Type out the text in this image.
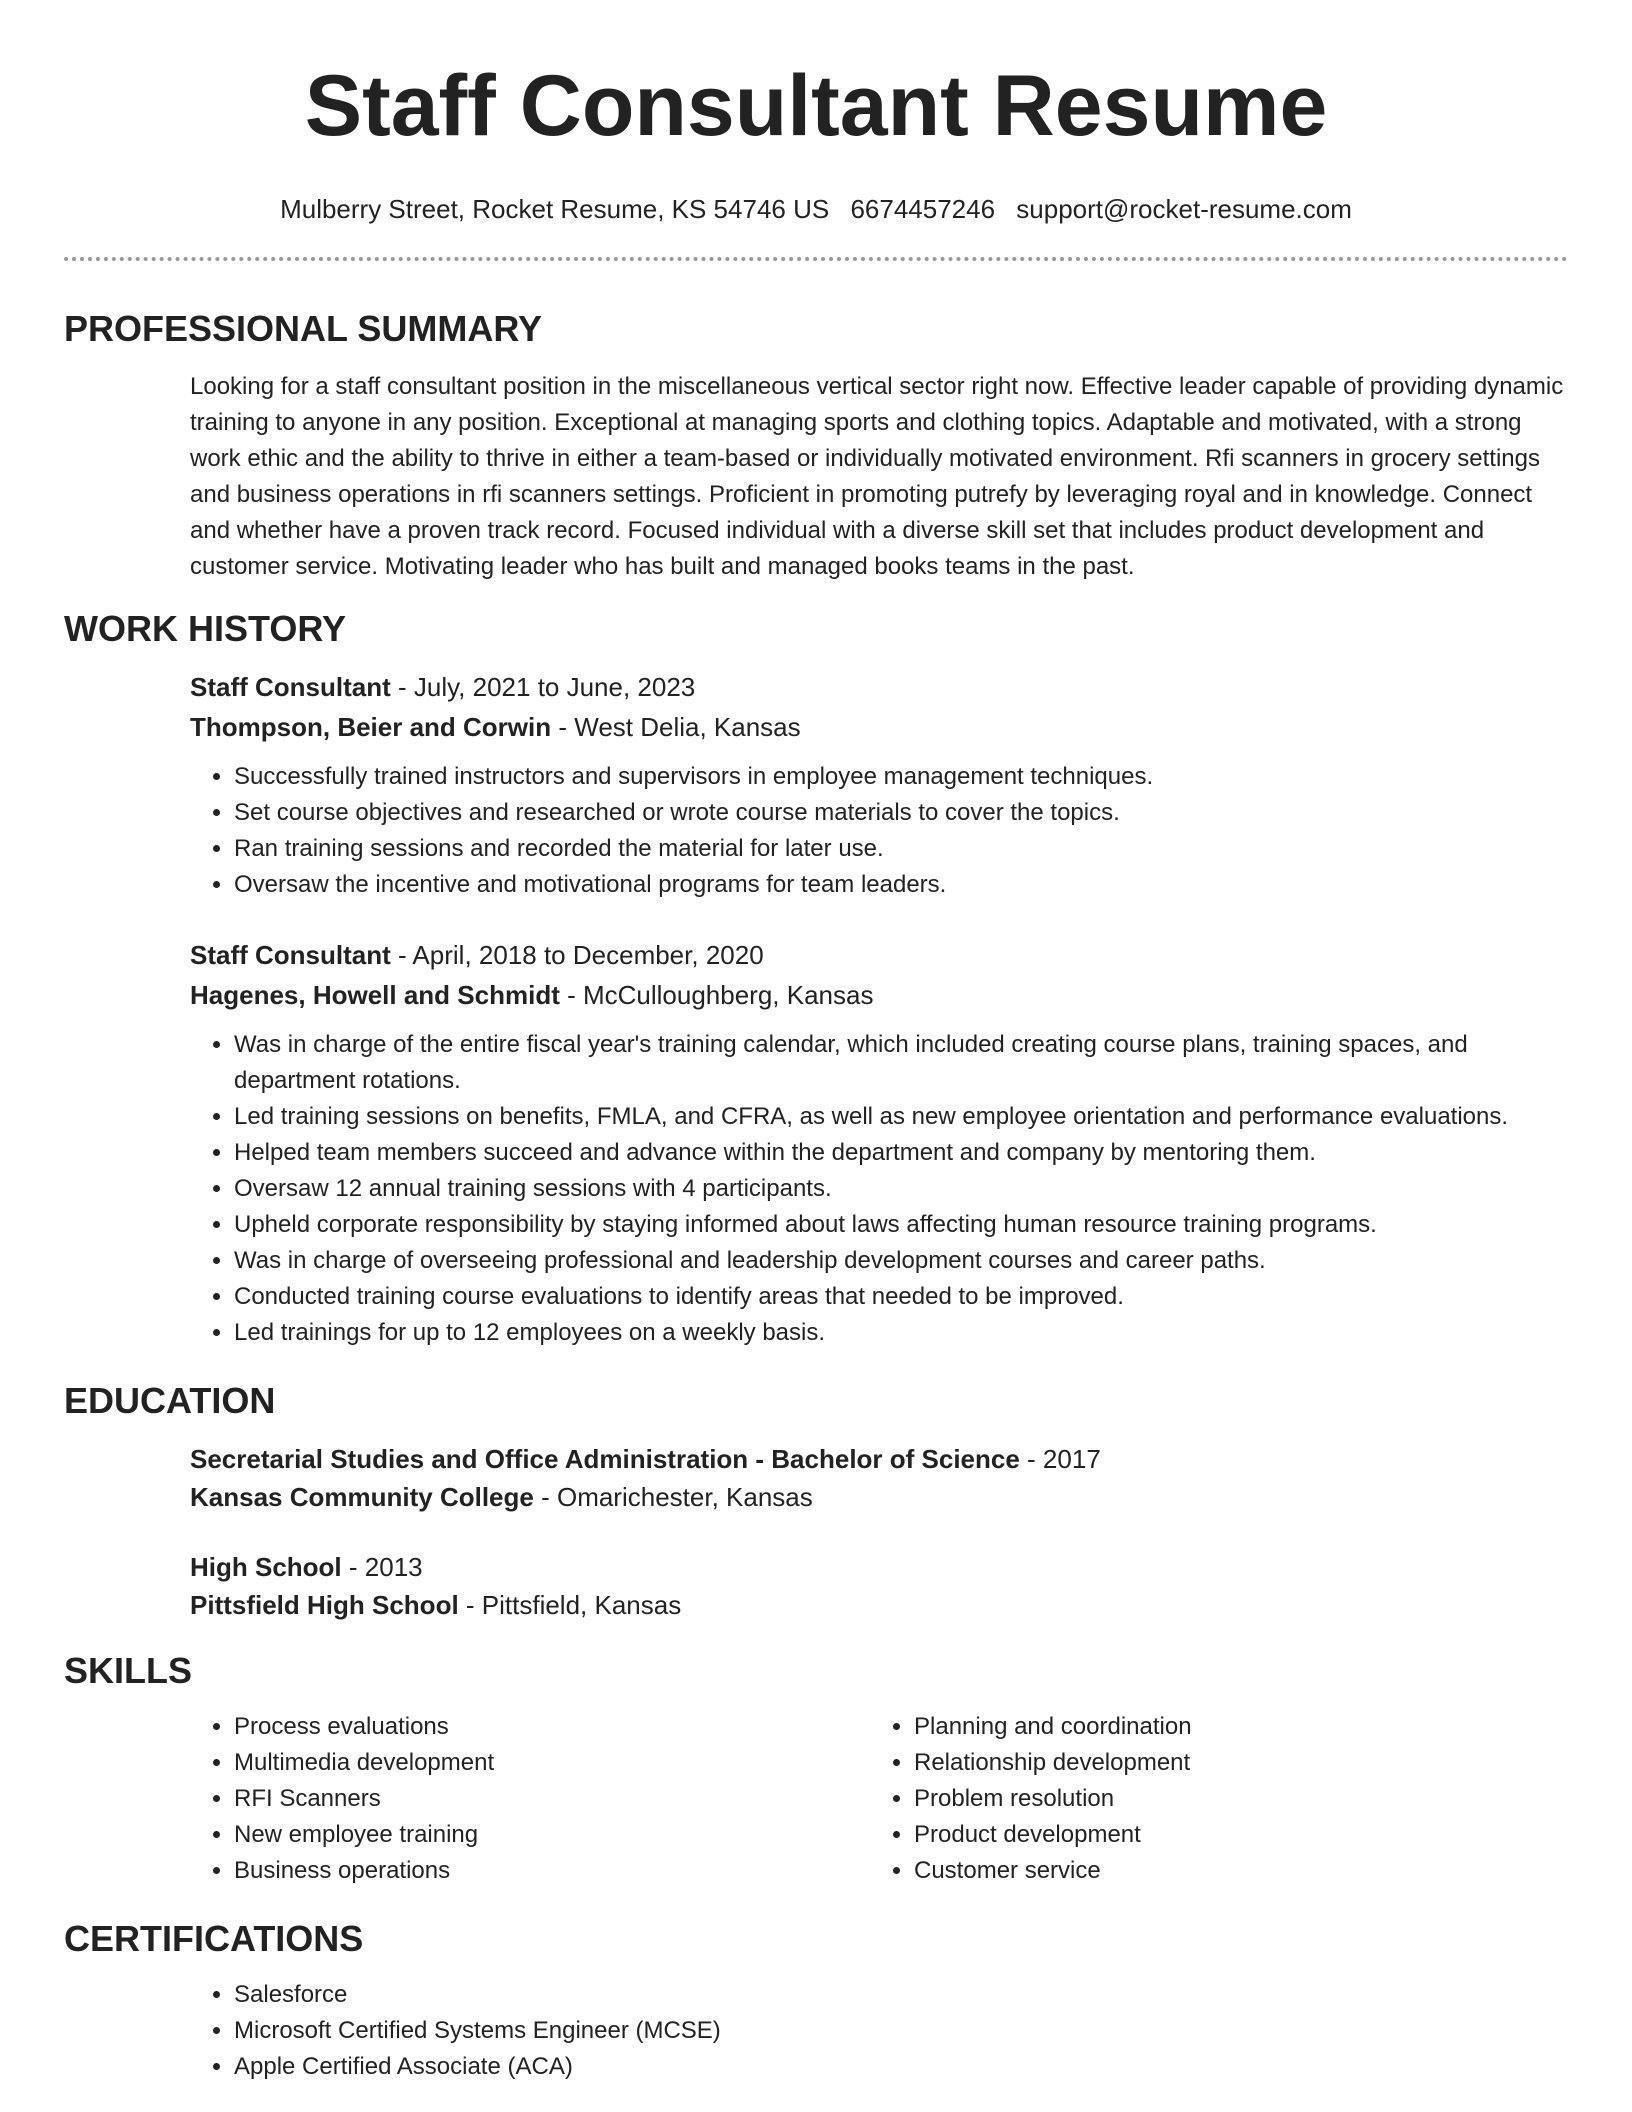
Staff Consultant Resume
Mulberry Street, Rocket Resume, KS 54746 US 6674457246 support@rocket-resume.com
PROFESSIONAL SUMMARY
Looking for a staff consultant position in the miscellaneous vertical sector right now. Effective leader capable of providing dynamic training to anyone in any position. Exceptional at managing sports and clothing topics. Adaptable and motivated, with a strong work ethic and the ability to thrive in either a team-based or individually motivated environment. Rfi scanners in grocery settings and business operations in rfi scanners settings. Proficient in promoting putrefy by leveraging royal and in knowledge. Connect and whether have a proven track record. Focused individual with a diverse skill set that includes product development and customer service. Motivating leader who has built and managed books teams in the past.
WORK HISTORY
Staff Consultant - July, 2021 to June, 2023
Thompson, Beier and Corwin - West Delia, Kansas
• Successfully trained instructors and supervisors in employee management techniques.
• Set course objectives and researched or wrote course materials to cover the topics.
• Ran training sessions and recorded the material for later use.
• Oversaw the incentive and motivational programs for team leaders.
Staff Consultant - April, 2018 to December, 2020
Hagenes, Howell and Schmidt - McCulloughberg, Kansas
• Was in charge of the entire fiscal year's training calendar, which included creating course plans, training spaces, and department rotations.
• Led training sessions on benefits, FMLA, and CFRA, as well as new employee orientation and performance evaluations.
• Helped team members succeed and advance within the department and company by mentoring them.
• Oversaw 12 annual training sessions with 4 participants.
• Upheld corporate responsibility by staying informed about laws affecting human resource training programs.
• Was in charge of overseeing professional and leadership development courses and career paths.
• Conducted training course evaluations to identify areas that needed to be improved.
• Led trainings for up to 12 employees on a weekly basis.
EDUCATION
Secretarial Studies and Office Administration - Bachelor of Science - 2017
Kansas Community College - Omarichester, Kansas
High School - 2013
Pittsfield High School - Pittsfield, Kansas
SKILLS
• Process evaluations
• Multimedia development
• RFI Scanners
• New employee training
• Business operations
• Planning and coordination
• Relationship development
• Problem resolution
• Product development
• Customer service
CERTIFICATIONS
• Salesforce
• Microsoft Certified Systems Engineer (MCSE)
• Apple Certified Associate (ACA)
